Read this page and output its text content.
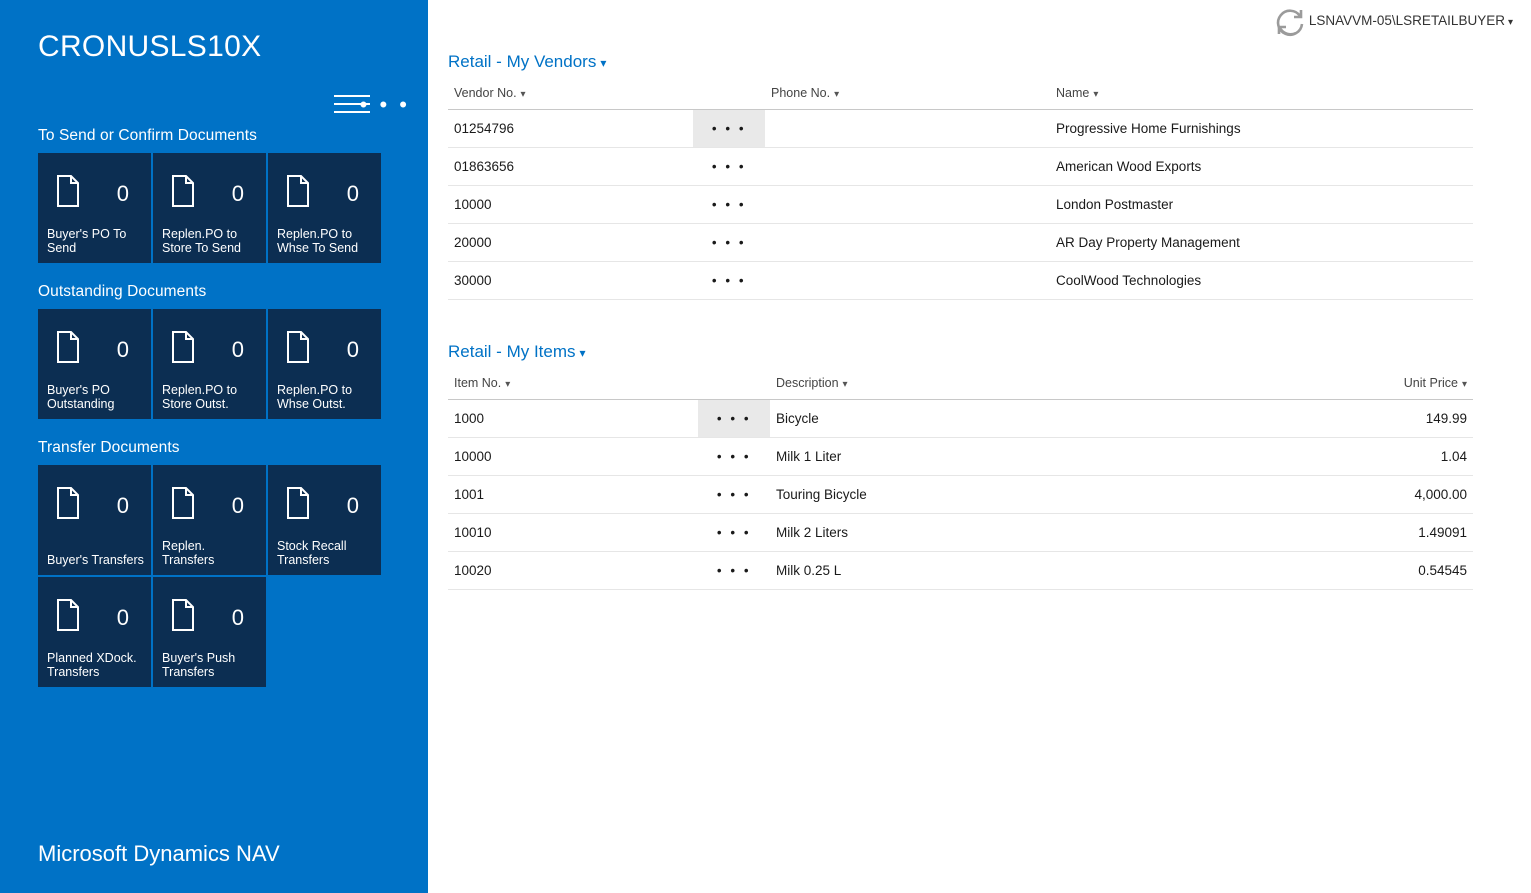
CRONUSLS10X
• • •
To Send or Confirm Documents
0
Buyer's PO To Send
0
Replen.PO to Store To Send
0
Replen.PO to Whse To Send
Outstanding Documents
0
Buyer's PO Outstanding
0
Replen.PO to Store Outst.
0
Replen.PO to Whse Outst.
Transfer Documents
0
Buyer's Transfers
0
Replen. Transfers
0
Stock Recall Transfers
0
Planned XDock. Transfers
0
Buyer's Push Transfers
Microsoft Dynamics NAV
LSNAVVM-05\LSRETAILBUYER ▾
Retail - My Vendors ▾
Vendor No. ▾		Phone No. ▾	Name ▾
01254796	• • •		Progressive Home Furnishings
01863656	• • •		American Wood Exports
10000	• • •		London Postmaster
20000	• • •		AR Day Property Management
30000	• • •		CoolWood Technologies
Retail - My Items ▾
Item No. ▾		Description ▾	Unit Price ▾
1000	• • •	Bicycle	149.99
10000	• • •	Milk 1 Liter	1.04
1001	• • •	Touring Bicycle	4,000.00
10010	• • •	Milk 2 Liters	1.49091
10020	• • •	Milk 0.25 L	0.54545
